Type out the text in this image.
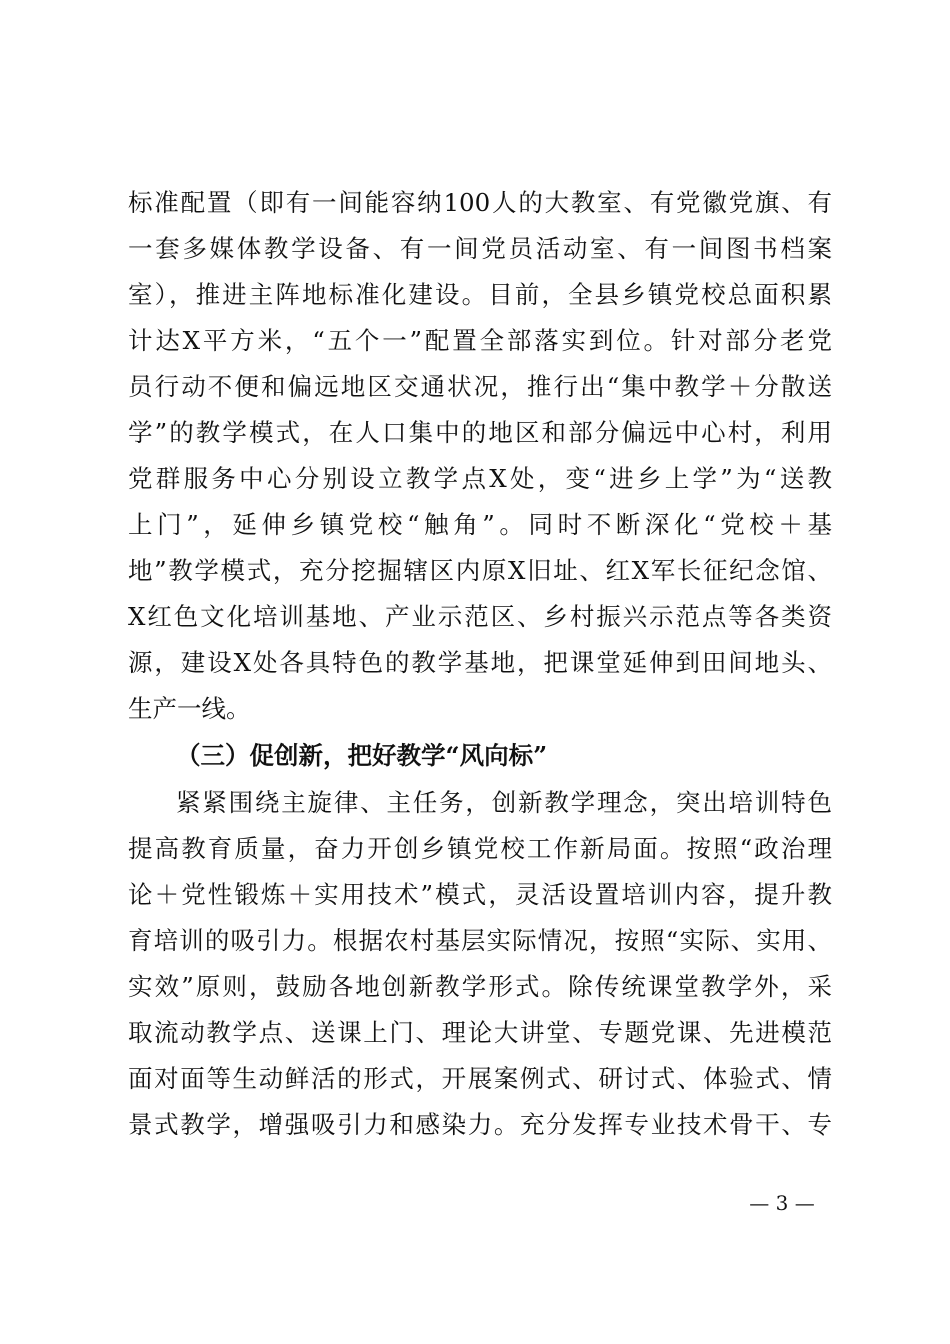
标准配置（即有一间能容纳100人的大教室、有党徽党旗、有
一套多媒体教学设备、有一间党员活动室、有一间图书档案
室），推进主阵地标准化建设。目前，全县乡镇党校总面积累
计达X平方米，“五个一”配置全部落实到位。针对部分老党
员行动不便和偏远地区交通状况，推行出“集中教学＋分散送
学”的教学模式，在人口集中的地区和部分偏远中心村，利用
党群服务中心分别设立教学点X处，变“进乡上学”为“送教
上门”，延伸乡镇党校“触角”。同时不断深化“党校＋基
地”教学模式，充分挖掘辖区内原X旧址、红X军长征纪念馆、
X红色文化培训基地、产业示范区、乡村振兴示范点等各类资
源，建设X处各具特色的教学基地，把课堂延伸到田间地头、
生产一线。
（三）促创新，把好教学“风向标”
紧紧围绕主旋律、主任务，创新教学理念，突出培训特色
提高教育质量，奋力开创乡镇党校工作新局面。按照“政治理
论＋党性锻炼＋实用技术”模式，灵活设置培训内容，提升教
育培训的吸引力。根据农村基层实际情况，按照“实际、实用、
实效”原则，鼓励各地创新教学形式。除传统课堂教学外，采
取流动教学点、送课上门、理论大讲堂、专题党课、先进模范
面对面等生动鲜活的形式，开展案例式、研讨式、体验式、情
景式教学，增强吸引力和感染力。充分发挥专业技术骨干、专
— 3 —
